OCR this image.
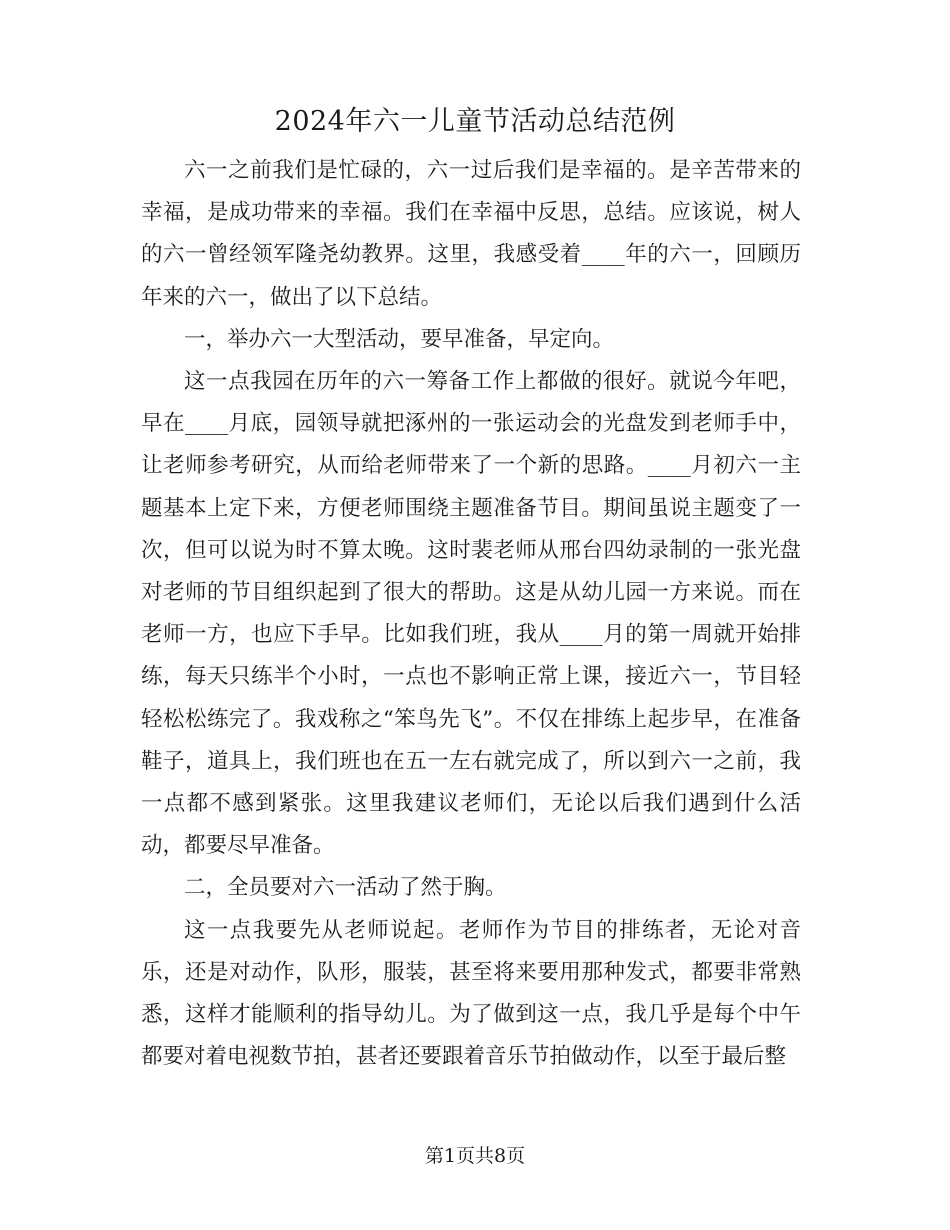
2024年六一儿童节活动总结范例

六一之前我们是忙碌的，六一过后我们是幸福的。是辛苦带来的幸福，是成功带来的幸福。我们在幸福中反思，总结。应该说，树人的六一曾经领军隆尧幼教界。这里，我感受着____年的六一，回顾历年来的六一，做出了以下总结。

一，举办六一大型活动，要早准备，早定向。

这一点我园在历年的六一筹备工作上都做的很好。就说今年吧，早在____月底，园领导就把涿州的一张运动会的光盘发到老师手中，让老师参考研究，从而给老师带来了一个新的思路。____月初六一主题基本上定下来，方便老师围绕主题准备节目。期间虽说主题变了一次，但可以说为时不算太晚。这时裴老师从邢台四幼录制的一张光盘对老师的节目组织起到了很大的帮助。这是从幼儿园一方来说。而在老师一方，也应下手早。比如我们班，我从____月的第一周就开始排练，每天只练半个小时，一点也不影响正常上课，接近六一，节目轻轻松松练完了。我戏称之“笨鸟先飞”。不仅在排练上起步早，在准备鞋子，道具上，我们班也在五一左右就完成了，所以到六一之前，我一点都不感到紧张。这里我建议老师们，无论以后我们遇到什么活动，都要尽早准备。

二，全员要对六一活动了然于胸。

这一点我要先从老师说起。老师作为节目的排练者，无论对音乐，还是对动作，队形，服装，甚至将来要用那种发式，都要非常熟悉，这样才能顺利的指导幼儿。为了做到这一点，我几乎是每个中午都要对着电视数节拍，甚者还要跟着音乐节拍做动作，以至于最后整

第1页共8页
